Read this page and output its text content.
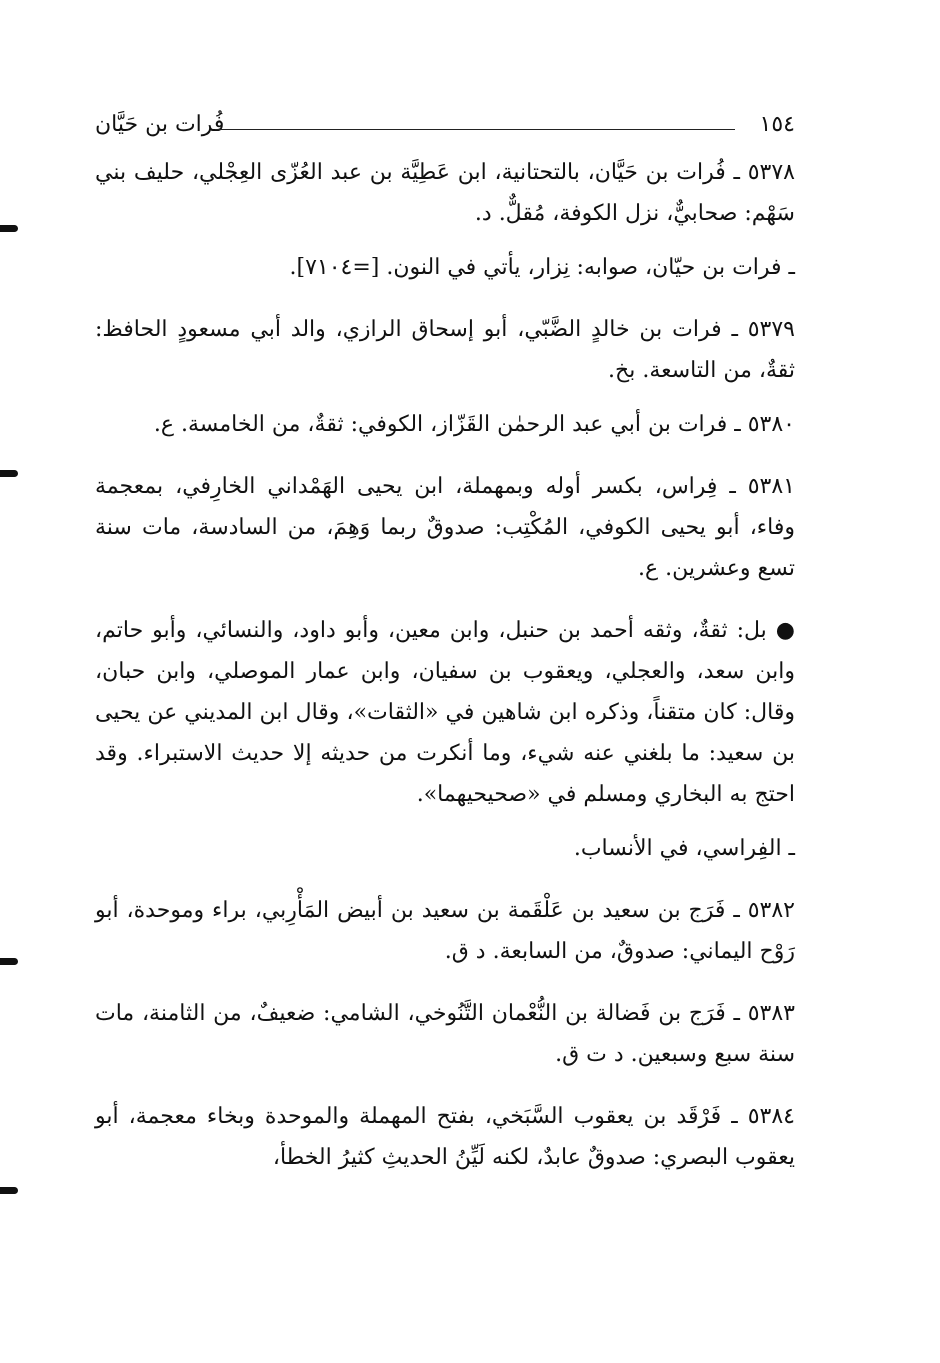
فُرات بن حَيَّان	١٥٤

٥٣٧٨ ـ فُرات بن حَيَّان، بالتحتانية، ابن عَطِيَّة بن عبد العُزّى العِجْلي، حليف بني سَهْم: صحابيٌّ، نزل الكوفة، مُقلٌّ. د.

ـ فرات بن حيّان، صوابه: نِزار، يأتي في النون. [=٧١٠٤].

٥٣٧٩ ـ فرات بن خالدٍ الضَّبّي، أبو إسحاق الرازي، والد أبي مسعودٍ الحافظ: ثقةٌ، من التاسعة. بخ.

٥٣٨٠ ـ فرات بن أبي عبد الرحمٰن القَزّاز، الكوفي: ثقةٌ، من الخامسة. ع.

٥٣٨١ ـ فِراس، بكسر أوله وبمهملة، ابن يحيى الهَمْداني الخارِفي، بمعجمة وفاء، أبو يحيى الكوفي، المُكْتِب: صدوقٌ ربما وَهِمَ، من السادسة، مات سنة تسع وعشرين. ع.

● بل: ثقةٌ، وثقه أحمد بن حنبل، وابن معين، وأبو داود، والنسائي، وأبو حاتم، وابن سعد، والعجلي، ويعقوب بن سفيان، وابن عمار الموصلي، وابن حبان، وقال: كان متقناً، وذكره ابن شاهين في «الثقات»، وقال ابن المديني عن يحيى بن سعيد: ما بلغني عنه شيء، وما أنكرت من حديثه إلا حديث الاستبراء. وقد احتج به البخاري ومسلم في «صحيحيهما».

ـ الفِراسي، في الأنساب.

٥٣٨٢ ـ فَرَج بن سعيد بن عَلْقَمة بن سعيد بن أبيض المَأْرِبي، براء وموحدة، أبو رَوْح اليماني: صدوقٌ، من السابعة. د ق.

٥٣٨٣ ـ فَرَج بن فَضالة بن النُّعْمان التَّنُوخي، الشامي: ضعيفٌ، من الثامنة، مات سنة سبع وسبعين. د ت ق.

٥٣٨٤ ـ فَرْقَد بن يعقوب السَّبَخي، بفتح المهملة والموحدة وبخاء معجمة، أبو يعقوب البصري: صدوقٌ عابدٌ، لكنه لَيِّنُ الحديثِ كثيرُ الخطأ،
